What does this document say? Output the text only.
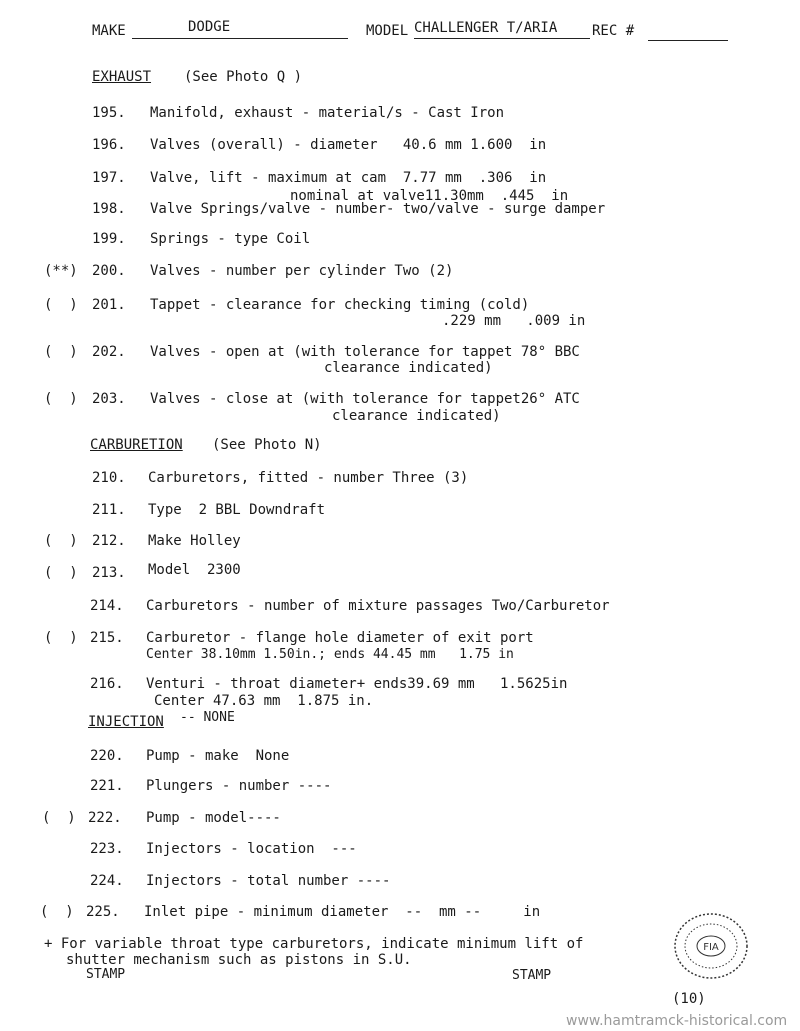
MAKE	DODGE	MODEL CHALLENGER T/ARIA REC #
EXHAUST (See Photo Q )
195. Manifold, exhaust - material/s - Cast Iron
196. Valves (overall) - diameter   40.6 mm 1.600  in
197. Valve, lift - maximum at cam  7.77 mm  .306  in
nominal at valve11.30mm  .445  in
198. Valve Springs/valve - number- two/valve - surge damper
199. Springs - type Coil
(**) 200. Valves - number per cylinder Two (2)
(  ) 201. Tappet - clearance for checking timing (cold)
.229 mm   .009 in
(  ) 202. Valves - open at (with tolerance for tappet 78° BBC
clearance indicated)
(  ) 203. Valves - close at (with tolerance for tappet26° ATC
clearance indicated)
CARBURETION (See Photo N)
210. Carburetors, fitted - number Three (3)
211. Type  2 BBL Downdraft
(  ) 212. Make Holley
(  ) 213. Model  2300
214. Carburetors - number of mixture passages Two/Carburetor
(  ) 215. Carburetor - flange hole diameter of exit port
Center 38.10mm 1.50in.; ends 44.45 mm   1.75 in
216. Venturi - throat diameter+ ends39.69 mm   1.5625in
Center 47.63 mm  1.875 in.
INJECTION -- NONE
220. Pump - make  None
221. Plungers - number ----
(  ) 222. Pump - model----
223. Injectors - location  ---
224. Injectors - total number ----
(  ) 225. Inlet pipe - minimum diameter  --  mm --     in
+ For variable throat type carburetors, indicate minimum lift of
shutter mechanism such as pistons in S.U.
STAMP	STAMP
FIA
(10)
www.hamtramck-historical.com
